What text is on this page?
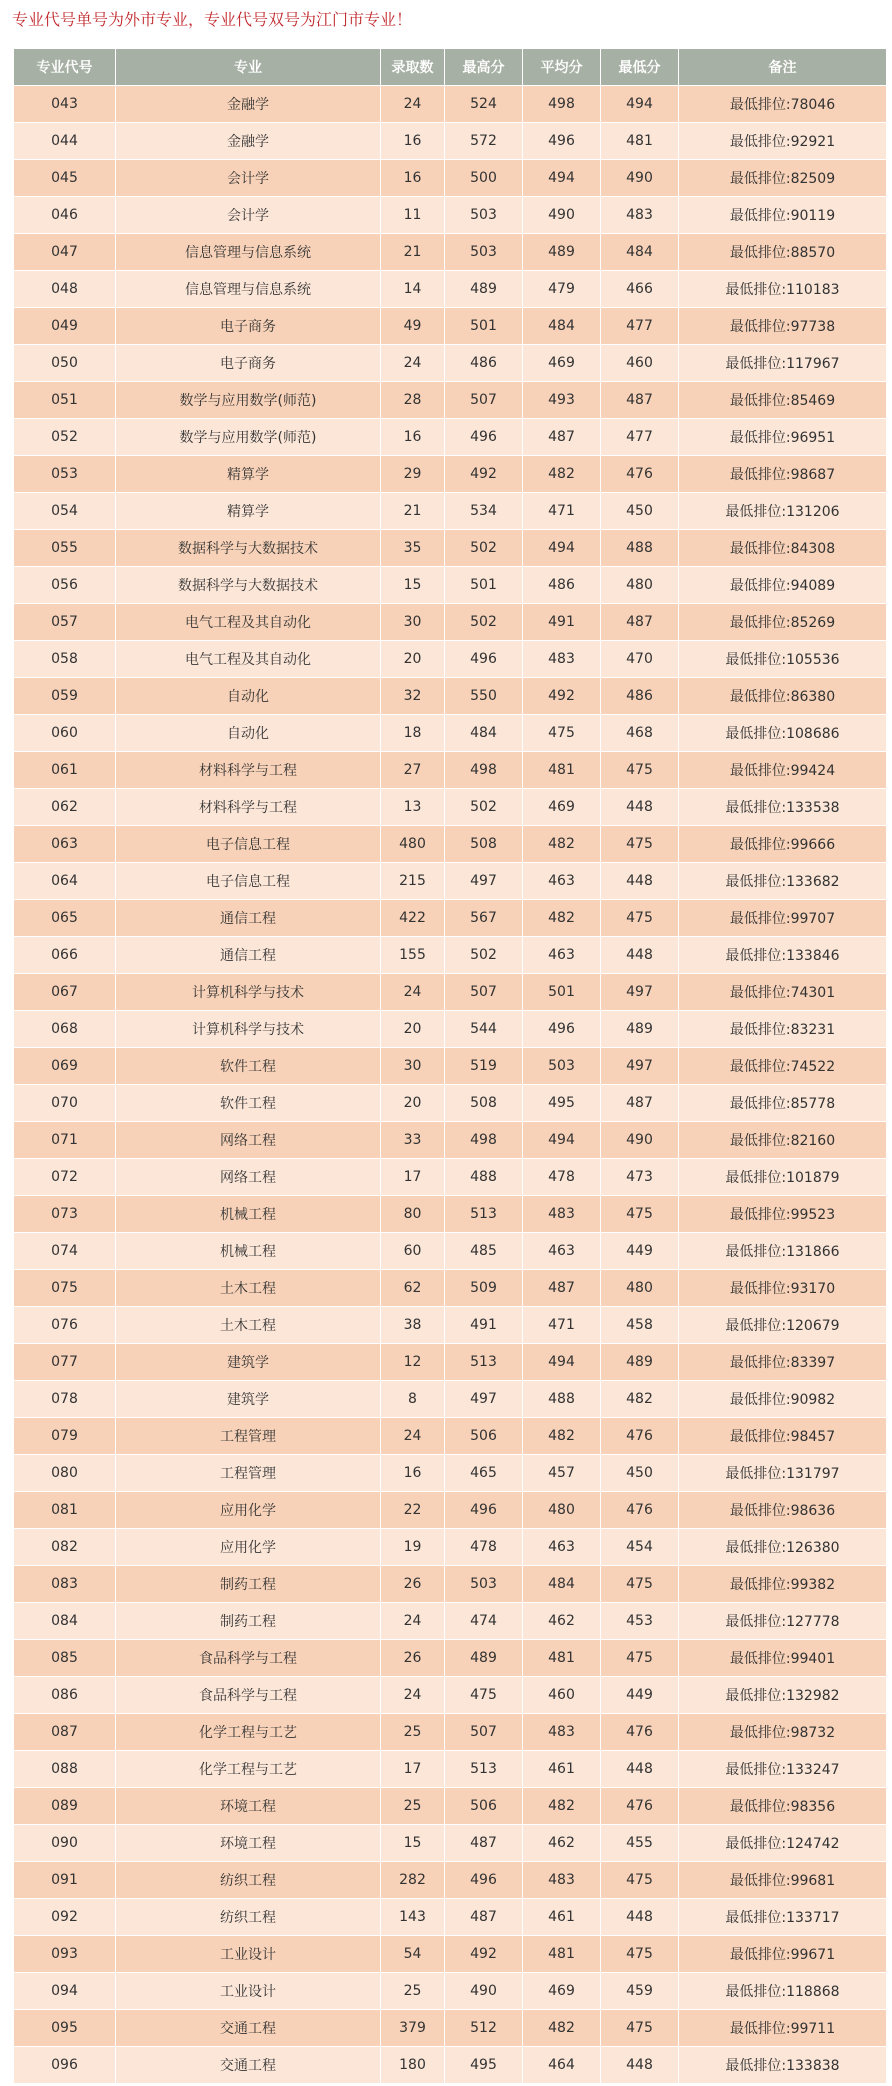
专业代号单号为外市专业，专业代号双号为江门市专业！
专业代号	专业	录取数	最高分	平均分	最低分	备注
043	金融学	24	524	498	494	最低排位:78046
044	金融学	16	572	496	481	最低排位:92921
045	会计学	16	500	494	490	最低排位:82509
046	会计学	11	503	490	483	最低排位:90119
047	信息管理与信息系统	21	503	489	484	最低排位:88570
048	信息管理与信息系统	14	489	479	466	最低排位:110183
049	电子商务	49	501	484	477	最低排位:97738
050	电子商务	24	486	469	460	最低排位:117967
051	数学与应用数学(师范)	28	507	493	487	最低排位:85469
052	数学与应用数学(师范)	16	496	487	477	最低排位:96951
053	精算学	29	492	482	476	最低排位:98687
054	精算学	21	534	471	450	最低排位:131206
055	数据科学与大数据技术	35	502	494	488	最低排位:84308
056	数据科学与大数据技术	15	501	486	480	最低排位:94089
057	电气工程及其自动化	30	502	491	487	最低排位:85269
058	电气工程及其自动化	20	496	483	470	最低排位:105536
059	自动化	32	550	492	486	最低排位:86380
060	自动化	18	484	475	468	最低排位:108686
061	材料科学与工程	27	498	481	475	最低排位:99424
062	材料科学与工程	13	502	469	448	最低排位:133538
063	电子信息工程	480	508	482	475	最低排位:99666
064	电子信息工程	215	497	463	448	最低排位:133682
065	通信工程	422	567	482	475	最低排位:99707
066	通信工程	155	502	463	448	最低排位:133846
067	计算机科学与技术	24	507	501	497	最低排位:74301
068	计算机科学与技术	20	544	496	489	最低排位:83231
069	软件工程	30	519	503	497	最低排位:74522
070	软件工程	20	508	495	487	最低排位:85778
071	网络工程	33	498	494	490	最低排位:82160
072	网络工程	17	488	478	473	最低排位:101879
073	机械工程	80	513	483	475	最低排位:99523
074	机械工程	60	485	463	449	最低排位:131866
075	土木工程	62	509	487	480	最低排位:93170
076	土木工程	38	491	471	458	最低排位:120679
077	建筑学	12	513	494	489	最低排位:83397
078	建筑学	8	497	488	482	最低排位:90982
079	工程管理	24	506	482	476	最低排位:98457
080	工程管理	16	465	457	450	最低排位:131797
081	应用化学	22	496	480	476	最低排位:98636
082	应用化学	19	478	463	454	最低排位:126380
083	制药工程	26	503	484	475	最低排位:99382
084	制药工程	24	474	462	453	最低排位:127778
085	食品科学与工程	26	489	481	475	最低排位:99401
086	食品科学与工程	24	475	460	449	最低排位:132982
087	化学工程与工艺	25	507	483	476	最低排位:98732
088	化学工程与工艺	17	513	461	448	最低排位:133247
089	环境工程	25	506	482	476	最低排位:98356
090	环境工程	15	487	462	455	最低排位:124742
091	纺织工程	282	496	483	475	最低排位:99681
092	纺织工程	143	487	461	448	最低排位:133717
093	工业设计	54	492	481	475	最低排位:99671
094	工业设计	25	490	469	459	最低排位:118868
095	交通工程	379	512	482	475	最低排位:99711
096	交通工程	180	495	464	448	最低排位:133838
